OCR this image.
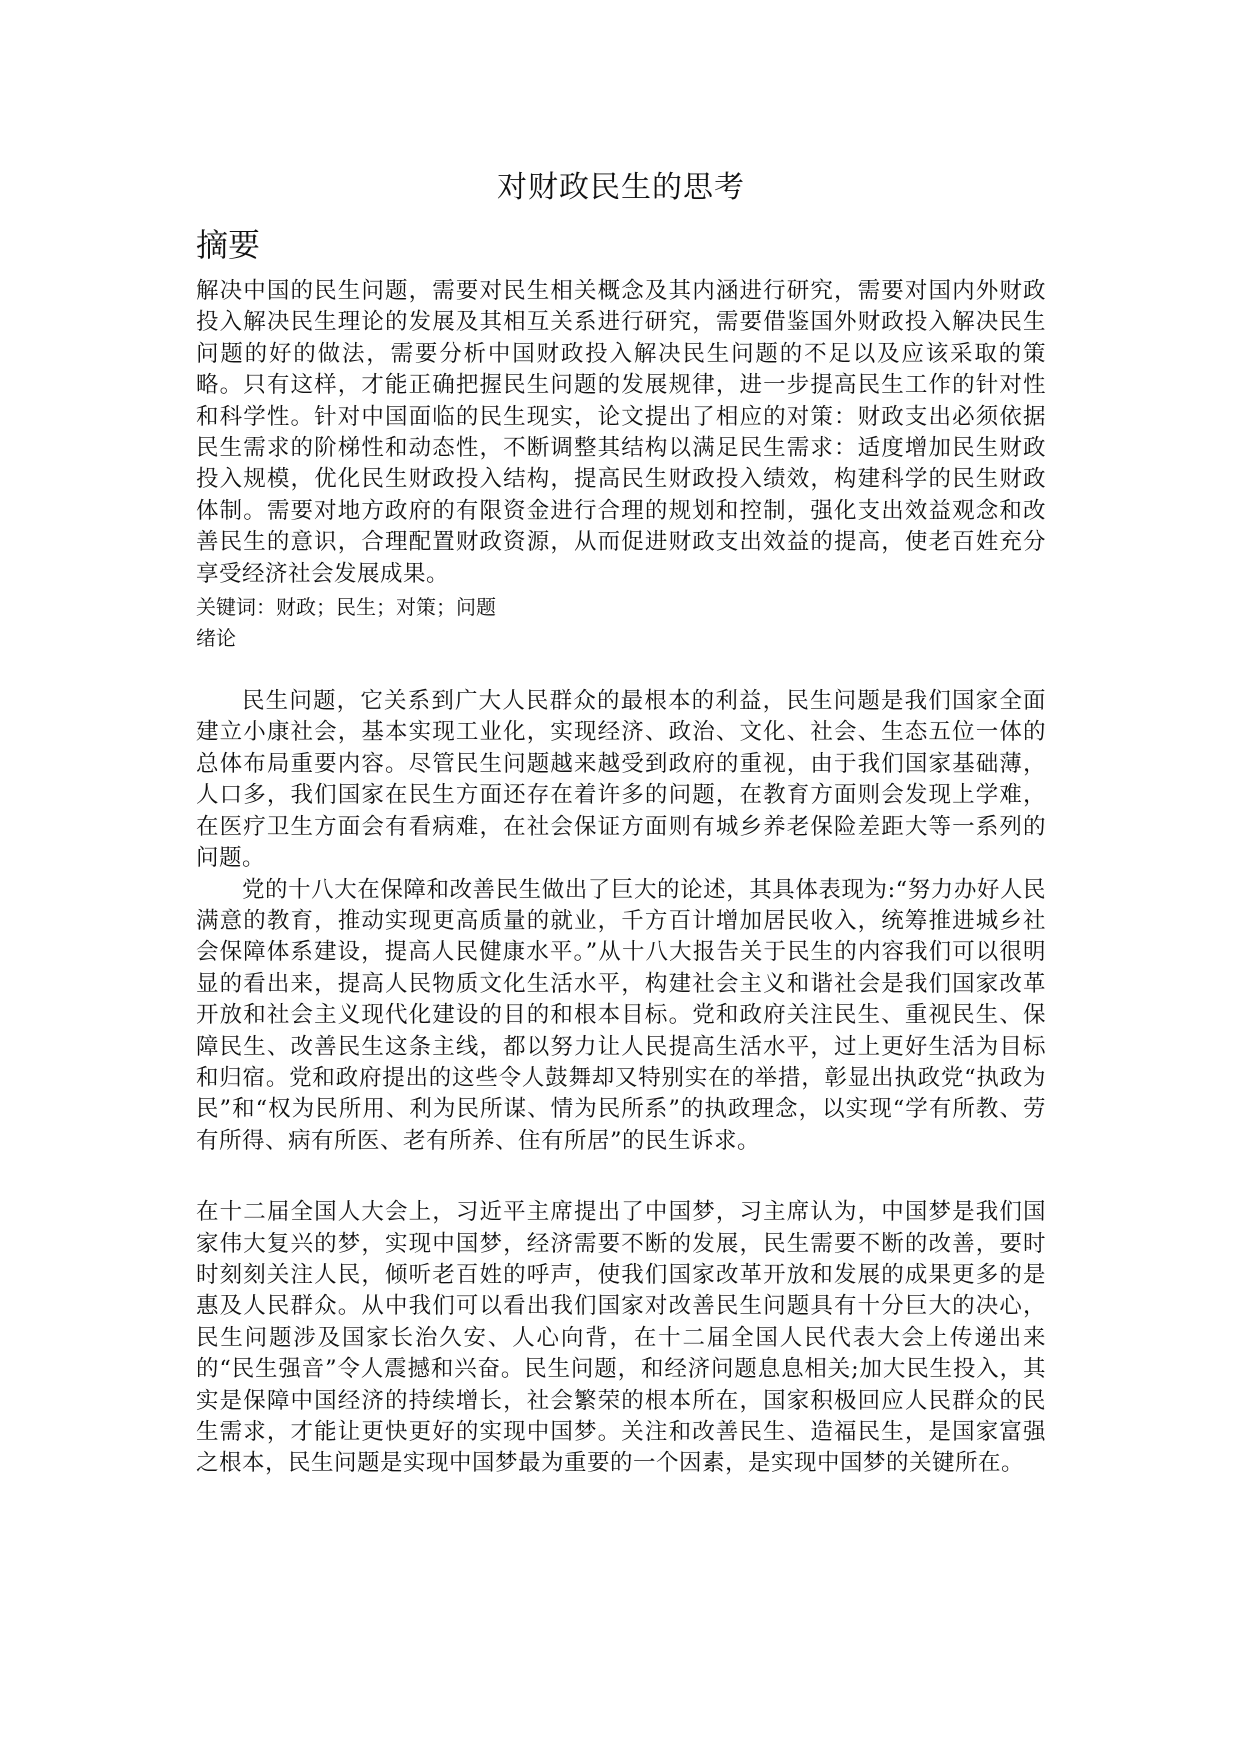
对财政民生的思考
摘要

解决中国的民生问题，需要对民生相关概念及其内涵进行研究，需要对国内外财政投入解决民生理论的发展及其相互关系进行研究，需要借鉴国外财政投入解决民生问题的好的做法，需要分析中国财政投入解决民生问题的不足以及应该采取的策略。只有这样，才能正确把握民生问题的发展规律，进一步提高民生工作的针对性和科学性。针对中国面临的民生现实，论文提出了相应的对策：财政支出必须依据民生需求的阶梯性和动态性，不断调整其结构以满足民生需求：适度增加民生财政投入规模，优化民生财政投入结构，提高民生财政投入绩效，构建科学的民生财政体制。需要对地方政府的有限资金进行合理的规划和控制，强化支出效益观念和改善民生的意识，合理配置财政资源，从而促进财政支出效益的提高，使老百姓充分享受经济社会发展成果。

关键词：财政；民生；对策；问题

绪论

民生问题，它关系到广大人民群众的最根本的利益，民生问题是我们国家全面建立小康社会，基本实现工业化，实现经济、政治、文化、社会、生态五位一体的总体布局重要内容。尽管民生问题越来越受到政府的重视，由于我们国家基础薄，人口多，我们国家在民生方面还存在着许多的问题，在教育方面则会发现上学难，在医疗卫生方面会有看病难，在社会保证方面则有城乡养老保险差距大等一系列的问题。

党的十八大在保障和改善民生做出了巨大的论述，其具体表现为:“努力办好人民满意的教育，推动实现更高质量的就业，千方百计增加居民收入，统筹推进城乡社会保障体系建设，提高人民健康水平。”从十八大报告关于民生的内容我们可以很明显的看出来，提高人民物质文化生活水平，构建社会主义和谐社会是我们国家改革开放和社会主义现代化建设的目的和根本目标。党和政府关注民生、重视民生、保障民生、改善民生这条主线，都以努力让人民提高生活水平，过上更好生活为目标和归宿。党和政府提出的这些令人鼓舞却又特别实在的举措，彰显出执政党“执政为民”和“权为民所用、利为民所谋、情为民所系”的执政理念，以实现“学有所教、劳有所得、病有所医、老有所养、住有所居”的民生诉求。

在十二届全国人大会上，习近平主席提出了中国梦，习主席认为，中国梦是我们国家伟大复兴的梦，实现中国梦，经济需要不断的发展，民生需要不断的改善，要时时刻刻关注人民，倾听老百姓的呼声，使我们国家改革开放和发展的成果更多的是惠及人民群众。从中我们可以看出我们国家对改善民生问题具有十分巨大的决心，民生问题涉及国家长治久安、人心向背，在十二届全国人民代表大会上传递出来的“民生强音”令人震撼和兴奋。民生问题，和经济问题息息相关;加大民生投入，其实是保障中国经济的持续增长，社会繁荣的根本所在，国家积极回应人民群众的民生需求，才能让更快更好的实现中国梦。关注和改善民生、造福民生，是国家富强之根本，民生问题是实现中国梦最为重要的一个因素，是实现中国梦的关键所在。
